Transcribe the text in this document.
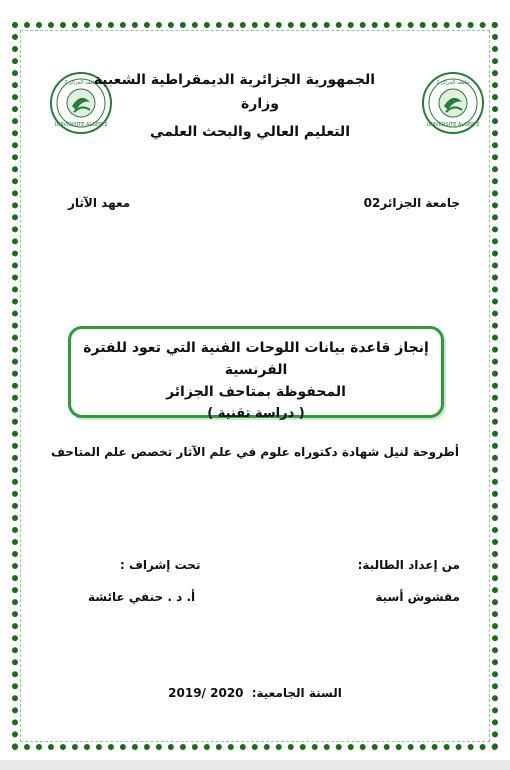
UNIVERSITE ALGER 2
جامعة الجزائر 2
UNIVERSITE ALGER 2
جامعة الجزائر 2
الجمهورية الجزائرية الديمقراطية الشعبية
وزارة
التعليم العالي والبحث العلمي
جامعة الجزائر02
معهد الآثار
إنجاز قاعدة بيانات اللوحات الفنية التي تعود للفترة الفرنسية
المحفوظة بمتاحف الجزائر
( دراسة تقنية )
أطروحة لنيل شهادة دكتوراه علوم في علم الآثار تخصص علم المتاحف
من إعداد الطالبة:
تحت إشراف :
مقشوش أسية
أ. د . حنفي عائشة
السنة الجامعية: 2019/ 2020
